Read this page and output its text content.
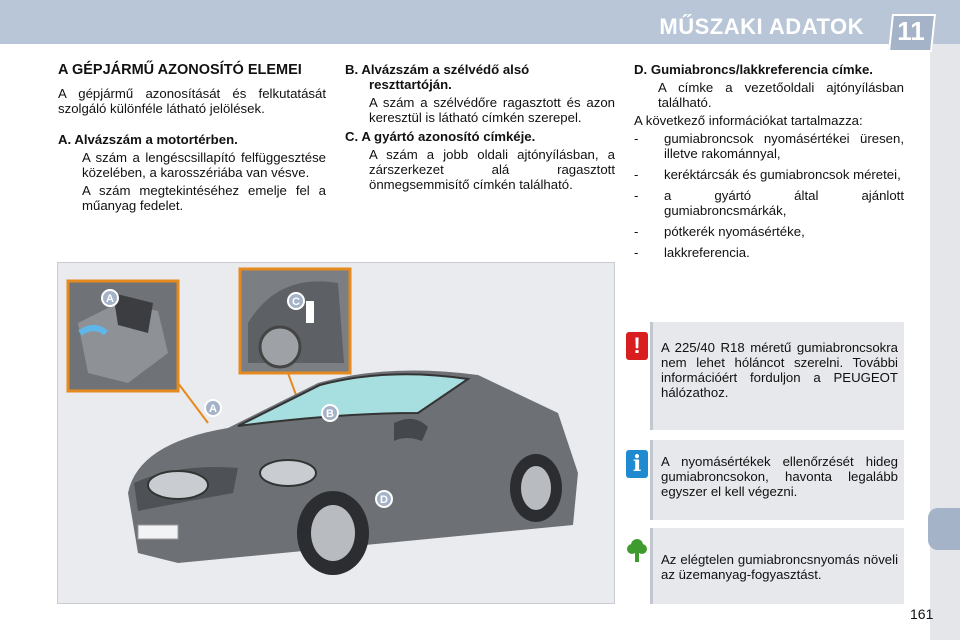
MŰSZAKI ADATOK 11
A GÉPJÁRMŰ AZONOSÍTÓ ELEMEI

A gépjármű azonosítását és felkutatását szolgáló különféle látható jelölések.

A. Alvázszám a motortérben.
A szám a lengéscsillapító felfüggesztése közelében, a karosszériába van vésve.
A szám megtekintéséhez emelje fel a műanyag fedelet.
B. Alvázszám a szélvédő alsó reszttartóján.
A szám a szélvédőre ragasztott és azon keresztül is látható címkén szerepel.
C. A gyártó azonosító címkéje.
A szám a jobb oldali ajtónyílásban, a zárszerkezet alá ragasztott önmegsemmisítő címkén található.
D. Gumiabroncs/lakkreferencia címke.
A címke a vezetőoldali ajtónyílásban található.

A következő információkat tartalmazza:

- gumiabroncsok nyomásértékei üresen, illetve rakománnyal,
- keréktárcsák és gumiabroncsok méretei,
- a gyártó által ajánlott gumiabroncsmárkák,
- pótkerék nyomásértéke,
- lakkreferencia.
A	C
A	B
D
!	A 225/40 R18 méretű gumiabroncsokra nem lehet hóláncot szerelni. További információért forduljon a PEUGEOT hálózathoz.
i	A nyomásértékek ellenőrzését hideg gumiabroncsokon, havonta legalább egyszer el kell végezni.
Az elégtelen gumiabroncsnyomás növeli az üzemanyag-fogyasztást.
161
